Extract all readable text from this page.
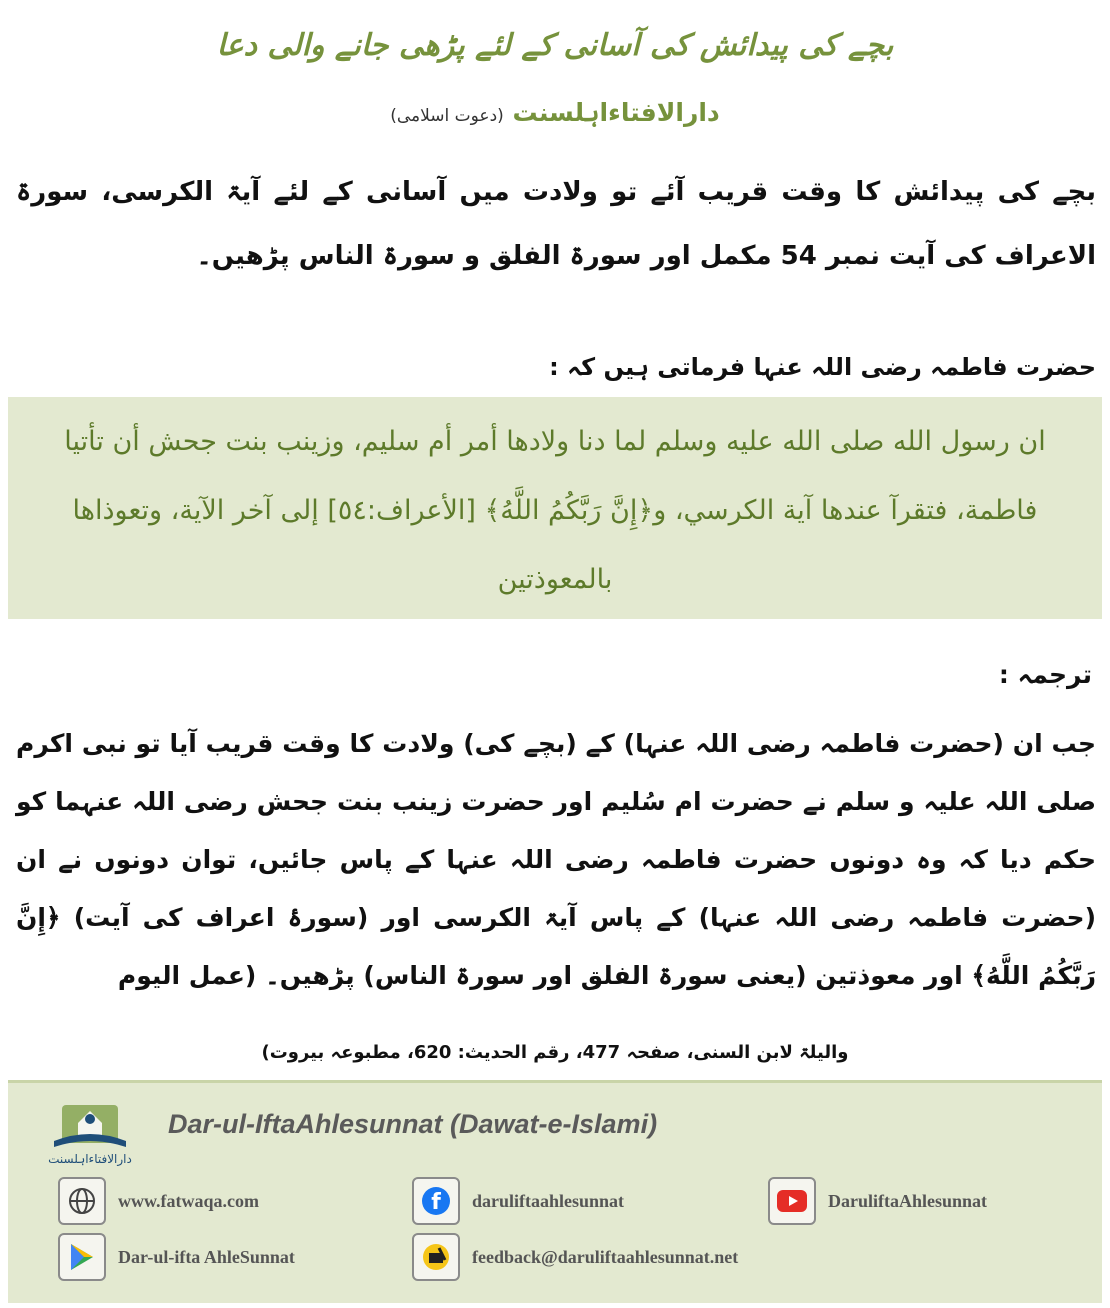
بچے کی پیدائش کی آسانی کے لئے پڑھی جانے والی دعا
دارالافتاءاہلسنت (دعوت اسلامی)
بچے کی پیدائش کا وقت قریب آئے تو ولادت میں آسانی کے لئے آیۃ الکرسی، سورۃ الاعراف کی آیت نمبر 54 مکمل اور سورۃ الفلق و سورۃ الناس پڑھیں۔
حضرت فاطمہ رضی اللہ عنہا فرماتی ہیں کہ :

ان رسول الله صلى الله عليه وسلم لما دنا ولادها أمر أم سليم، وزينب بنت جحش أن تأتيا فاطمة، فتقرآ عندها آية الكرسي، و﴿إِنَّ رَبَّكُمُ اللَّهُ﴾ [الأعراف:٥٤] إلى آخر الآية، وتعوذاها بالمعوذتين

ترجمہ :
جب ان (حضرت فاطمہ رضی اللہ عنہا) کے (بچے کی) ولادت کا وقت قریب آیا تو نبی اکرم صلی اللہ علیہ و سلم نے حضرت ام سُلیم اور حضرت زینب بنت جحش رضی اللہ عنہما کو حکم دیا کہ وہ دونوں حضرت فاطمہ رضی اللہ عنہا کے پاس جائیں، توان دونوں نے ان (حضرت فاطمہ رضی اللہ عنہا) کے پاس آیۃ الکرسی اور (سورۂ اعراف کی آیت) ﴿إِنَّ رَبَّكُمُ اللَّهُ﴾ اور معوذتین (یعنی سورۃ الفلق اور سورۃ الناس) پڑھیں۔ (عمل الیوم
والیلۃ لابن السنی، صفحہ 477، رقم الحدیث: 620، مطبوعہ بیروت)
دارالافتاءاہلسنت
Dar-ul-IftaAhlesunnat (Dawat-e-Islami)
www.fatwaqa.com	f daruliftaahlesunnat	DaruliftaAhlesunnat
Dar-ul-ifta AhleSunnat	feedback@daruliftaahlesunnat.net
